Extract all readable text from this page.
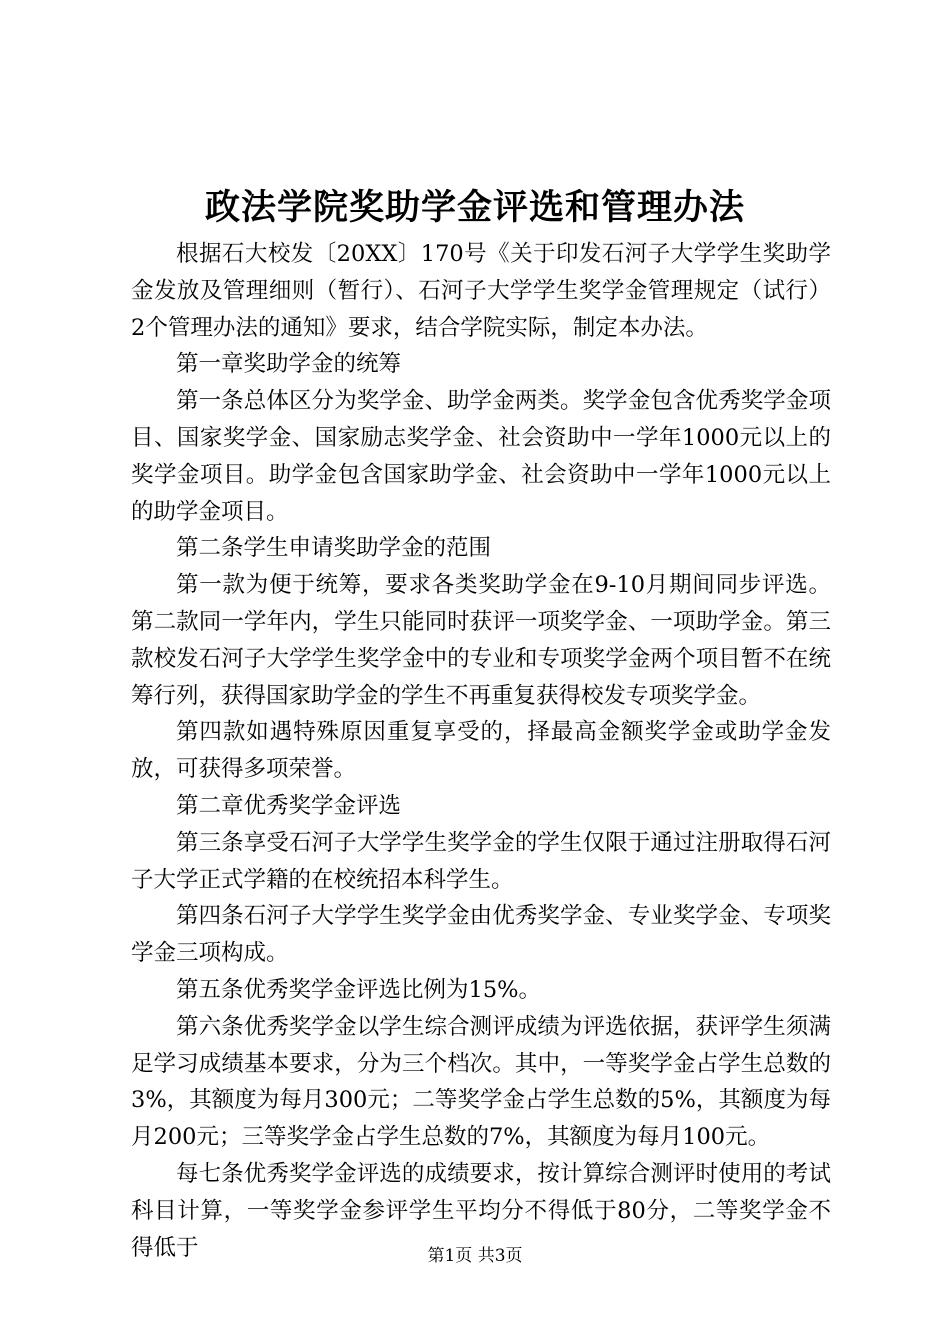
政法学院奖助学金评选和管理办法

根据石大校发〔20XX〕170号《关于印发石河子大学学生奖助学金发放及管理细则（暂行）、石河子大学学生奖学金管理规定（试行）2个管理办法的通知》要求，结合学院实际，制定本办法。

第一章奖助学金的统筹

第一条总体区分为奖学金、助学金两类。奖学金包含优秀奖学金项目、国家奖学金、国家励志奖学金、社会资助中一学年1000元以上的奖学金项目。助学金包含国家助学金、社会资助中一学年1000元以上的助学金项目。

第二条学生申请奖助学金的范围

第一款为便于统筹，要求各类奖助学金在9-10月期间同步评选。第二款同一学年内，学生只能同时获评一项奖学金、一项助学金。第三款校发石河子大学学生奖学金中的专业和专项奖学金两个项目暂不在统筹行列，获得国家助学金的学生不再重复获得校发专项奖学金。

第四款如遇特殊原因重复享受的，择最高金额奖学金或助学金发放，可获得多项荣誉。

第二章优秀奖学金评选

第三条享受石河子大学学生奖学金的学生仅限于通过注册取得石河子大学正式学籍的在校统招本科学生。

第四条石河子大学学生奖学金由优秀奖学金、专业奖学金、专项奖学金三项构成。

第五条优秀奖学金评选比例为15%。

第六条优秀奖学金以学生综合测评成绩为评选依据，获评学生须满足学习成绩基本要求，分为三个档次。其中，一等奖学金占学生总数的3%，其额度为每月300元；二等奖学金占学生总数的5%，其额度为每月200元；三等奖学金占学生总数的7%，其额度为每月100元。

每七条优秀奖学金评选的成绩要求，按计算综合测评时使用的考试科目计算，一等奖学金参评学生平均分不得低于80分，二等奖学金不得低于	第1页 共3页
